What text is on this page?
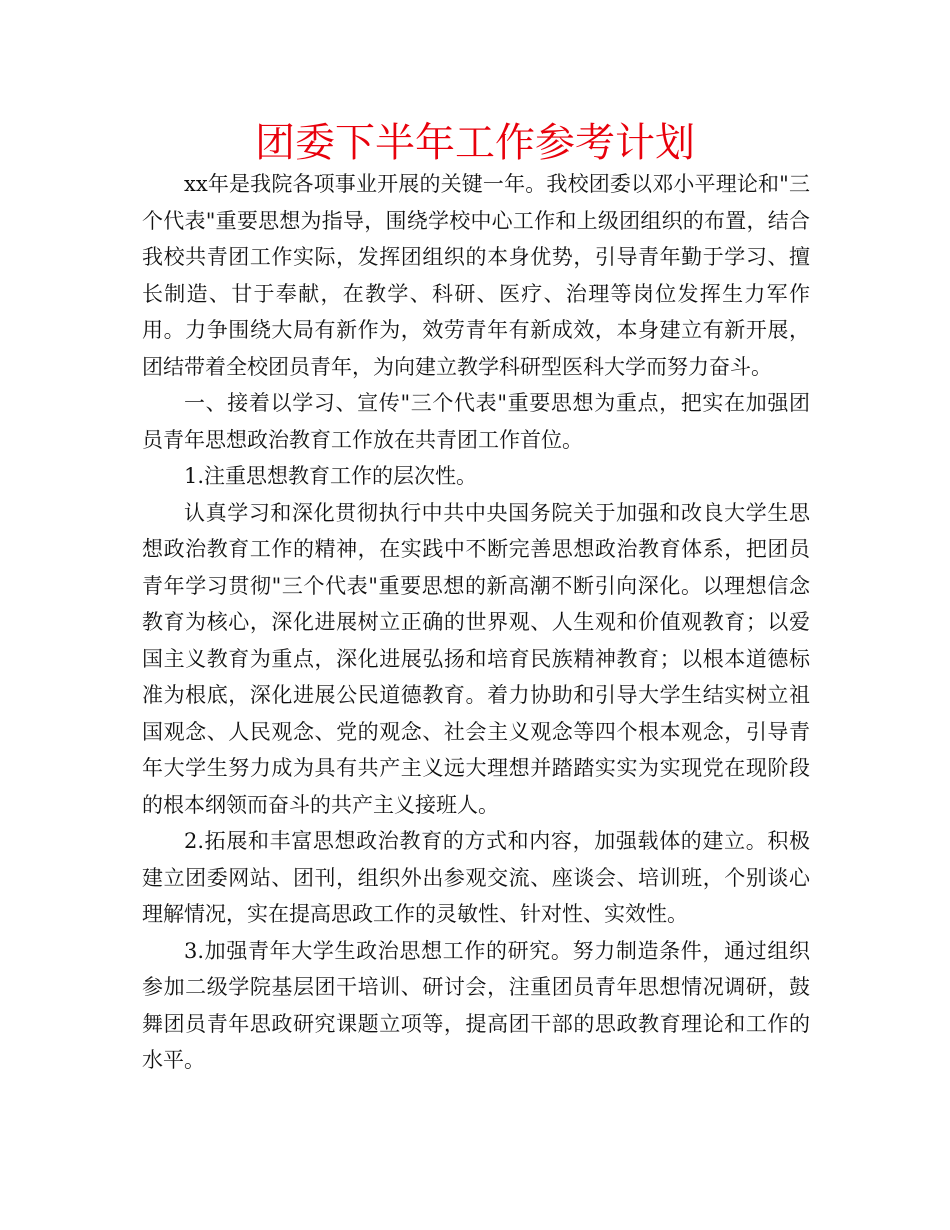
团委下半年工作参考计划

xx年是我院各项事业开展的关键一年。我校团委以邓小平理论和"三个代表"重要思想为指导，围绕学校中心工作和上级团组织的布置，结合我校共青团工作实际，发挥团组织的本身优势，引导青年勤于学习、擅长制造、甘于奉献，在教学、科研、医疗、治理等岗位发挥生力军作用。力争围绕大局有新作为，效劳青年有新成效，本身建立有新开展，团结带着全校团员青年，为向建立教学科研型医科大学而努力奋斗。

一、接着以学习、宣传"三个代表"重要思想为重点，把实在加强团员青年思想政治教育工作放在共青团工作首位。

1.注重思想教育工作的层次性。

认真学习和深化贯彻执行中共中央国务院关于加强和改良大学生思想政治教育工作的精神，在实践中不断完善思想政治教育体系，把团员青年学习贯彻"三个代表"重要思想的新高潮不断引向深化。以理想信念教育为核心，深化进展树立正确的世界观、人生观和价值观教育；以爱国主义教育为重点，深化进展弘扬和培育民族精神教育；以根本道德标准为根底，深化进展公民道德教育。着力协助和引导大学生结实树立祖国观念、人民观念、党的观念、社会主义观念等四个根本观念，引导青年大学生努力成为具有共产主义远大理想并踏踏实实为实现党在现阶段的根本纲领而奋斗的共产主义接班人。

2.拓展和丰富思想政治教育的方式和内容，加强载体的建立。积极建立团委网站、团刊，组织外出参观交流、座谈会、培训班，个别谈心理解情况，实在提高思政工作的灵敏性、针对性、实效性。

3.加强青年大学生政治思想工作的研究。努力制造条件，通过组织参加二级学院基层团干培训、研讨会，注重团员青年思想情况调研，鼓舞团员青年思政研究课题立项等，提高团干部的思政教育理论和工作的水平。
